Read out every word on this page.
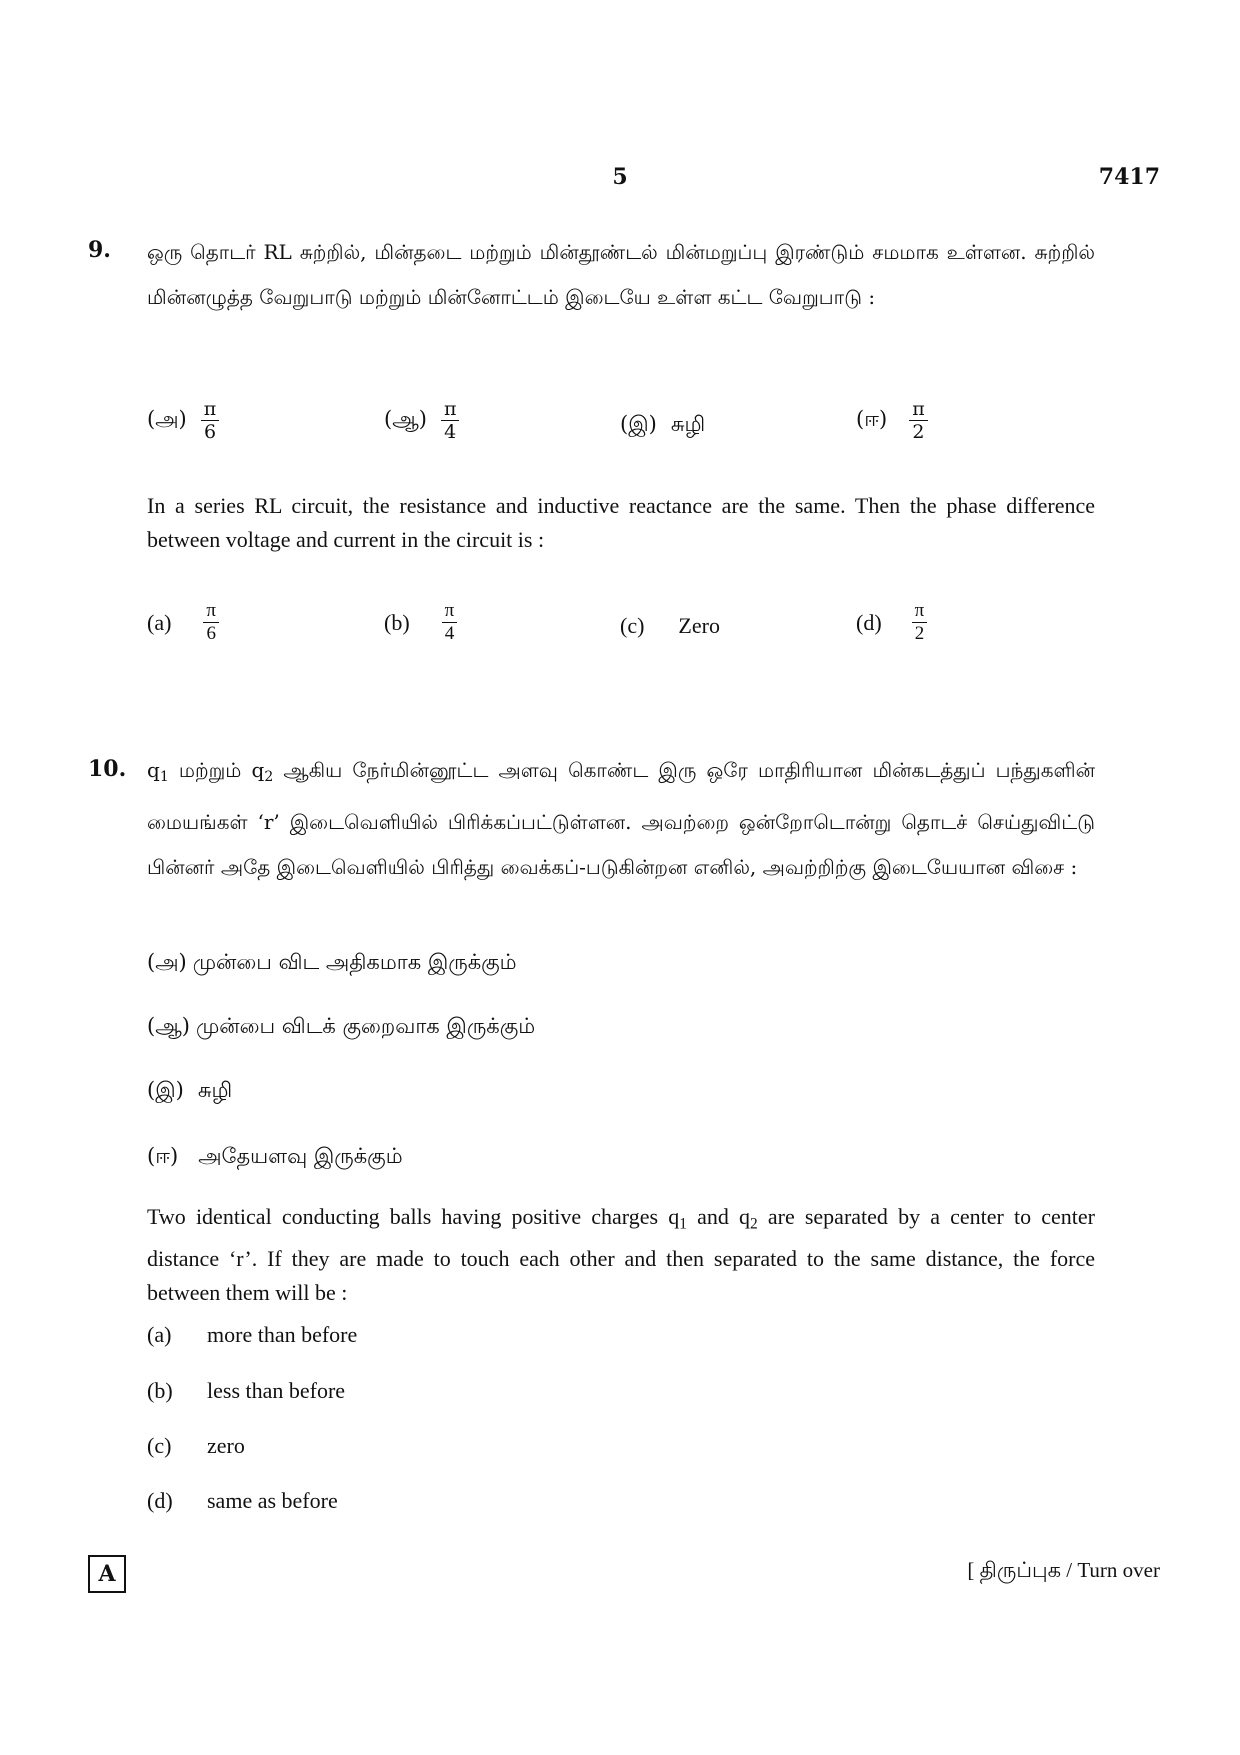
5	7417
9. ஒரு தொடர் RL சுற்றில், மின்தடை மற்றும் மின்தூண்டல் மின்மறுப்பு இரண்டும் சமமாக உள்ளன. சுற்றில் மின்னழுத்த வேறுபாடு மற்றும் மின்னோட்டம் இடையே உள்ள கட்ட வேறுபாடு :
(அ) $\frac{\pi}{6}$	(ஆ) $\frac{\pi}{4}$	(இ) சுழி	(ஈ) $\frac{\pi}{2}$
In a series RL circuit, the resistance and inductive reactance are the same. Then the phase difference between voltage and current in the circuit is :
$(a) \frac{\pi}{6}$	$(b) \frac{\pi}{4}$	(c) Zero	$(d) \frac{\pi}{2}$
10. $q_1$ மற்றும் $q_2$ ஆகிய நேர்மின்னூட்ட அளவு கொண்ட இரு ஒரே மாதிரியான மின்கடத்துப் பந்துகளின் மையங்கள் ‘r’ இடைவெளியில் பிரிக்கப்பட்டுள்ளன. அவற்றை ஒன்றோடொன்று தொடச் செய்துவிட்டு பின்னர் அதே இடைவெளியில் பிரித்து வைக்கப்-படுகின்றன எனில், அவற்றிற்கு இடையேயான விசை :
(அ) முன்பை விட அதிகமாக இருக்கும்
(ஆ) முன்பை விடக் குறைவாக இருக்கும்
(இ) சுழி
(ஈ) அதேயளவு இருக்கும்
Two identical conducting balls having positive charges $q_1$ and $q_2$ are separated by a center to center distance ‘r’. If they are made to touch each other and then separated to the same distance, the force between them will be :
(a)	more than before
(b)	less than before
(c)	zero
(d)	same as before
A	[ திருப்புக / Turn over
